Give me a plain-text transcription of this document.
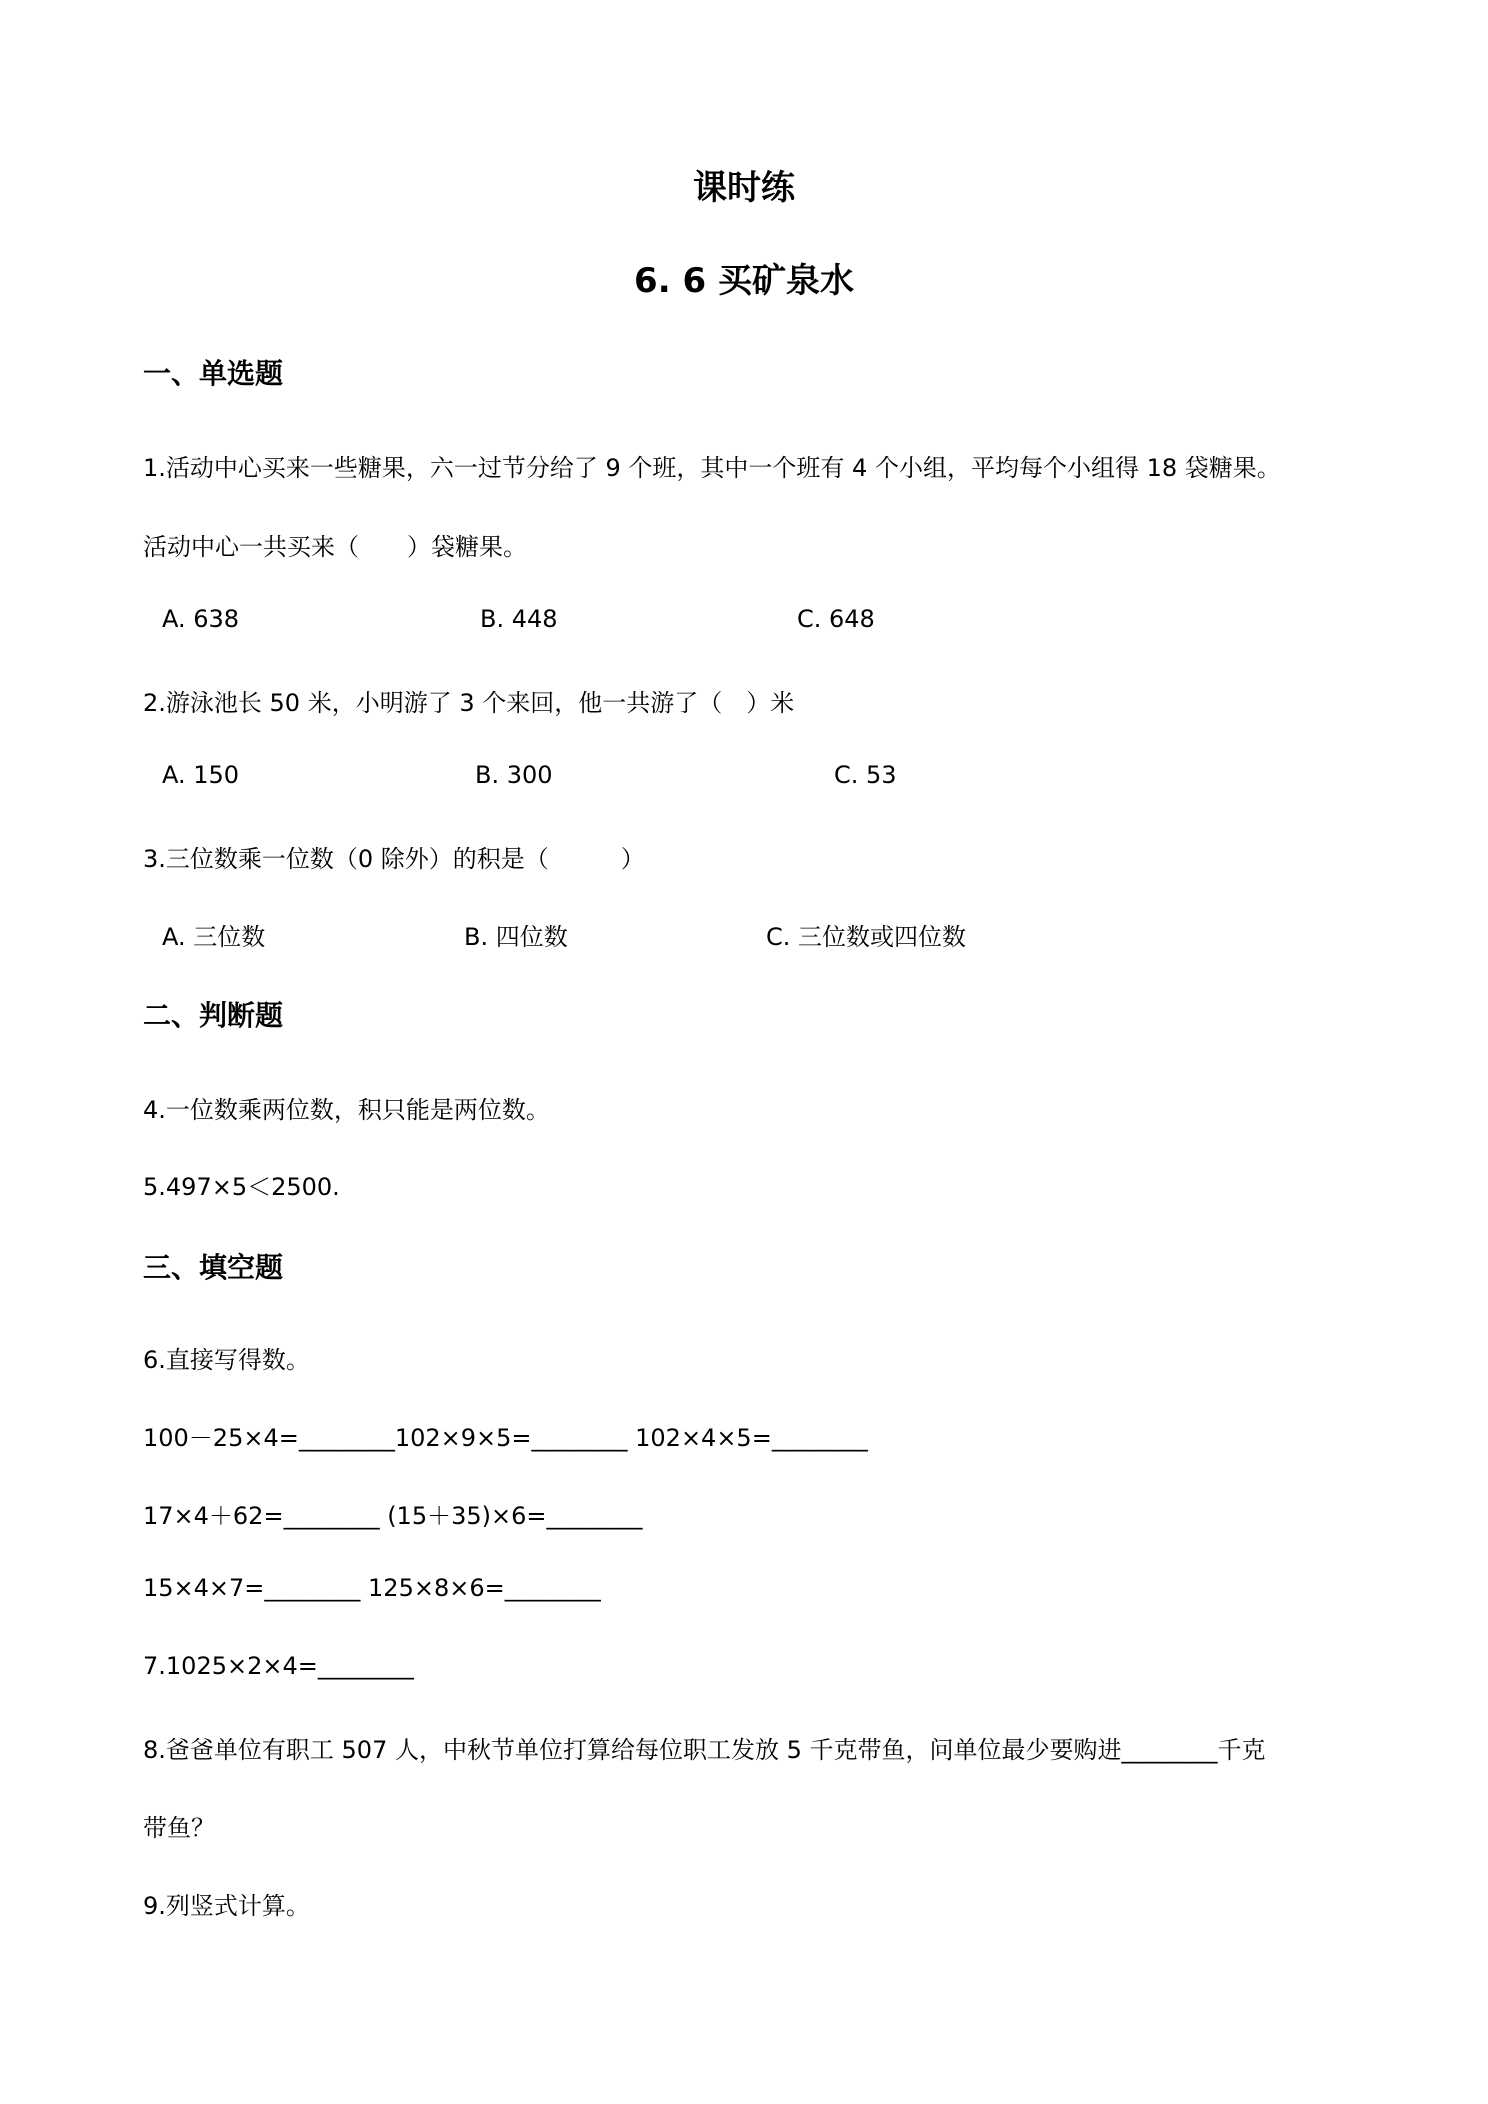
课时练
6. 6 买矿泉水
一、单选题
1.活动中心买来一些糖果，六一过节分给了 9 个班，其中一个班有 4 个小组，平均每个小组得 18 袋糖果。
活动中心一共买来（　　）袋糖果。
A. 638	B. 448	C. 648
2.游泳池长 50 米，小明游了 3 个来回，他一共游了（　）米
A. 150	B. 300	C. 53
3.三位数乘一位数（0 除外）的积是（　　　）
A. 三位数	B. 四位数	C. 三位数或四位数
二、判断题
4.一位数乘两位数，积只能是两位数。
5.497×5＜2500.
三、填空题
6.直接写得数。
100－25×4=________102×9×5=________ 102×4×5=________
17×4＋62=________ (15＋35)×6=________
15×4×7=________ 125×8×6=________
7.1025×2×4=________
8.爸爸单位有职工 507 人，中秋节单位打算给每位职工发放 5 千克带鱼，问单位最少要购进________千克
带鱼？
9.列竖式计算。
